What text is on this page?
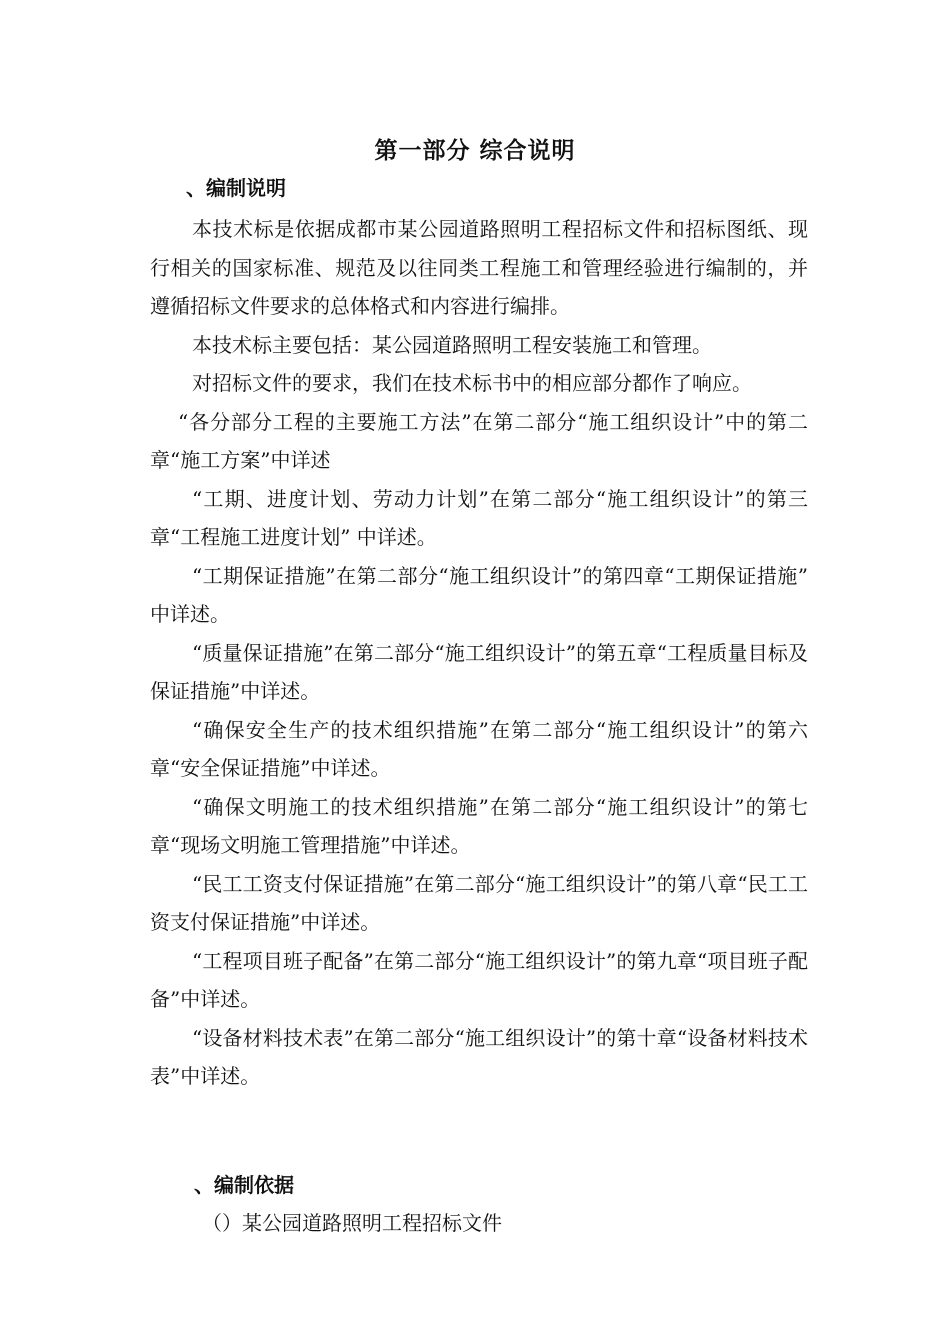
第一部分 综合说明
、编制说明

本技术标是依据成都市某公园道路照明工程招标文件和招标图纸、现行相关的国家标准、规范及以往同类工程施工和管理经验进行编制的，并遵循招标文件要求的总体格式和内容进行编排。

本技术标主要包括：某公园道路照明工程安装施工和管理。

对招标文件的要求，我们在技术标书中的相应部分都作了响应。

“各分部分工程的主要施工方法”在第二部分“施工组织设计”中的第二章“施工方案”中详述

“工期、进度计划、劳动力计划”在第二部分“施工组织设计”的第三章“工程施工进度计划” 中详述。

“工期保证措施”在第二部分“施工组织设计”的第四章“工期保证措施” 中详述。

“质量保证措施”在第二部分“施工组织设计”的第五章“工程质量目标及保证措施”中详述。

“确保安全生产的技术组织措施”在第二部分“施工组织设计”的第六章“安全保证措施”中详述。

“确保文明施工的技术组织措施”在第二部分“施工组织设计”的第七章“现场文明施工管理措施”中详述。

“民工工资支付保证措施”在第二部分“施工组织设计”的第八章“民工工资支付保证措施”中详述。

“工程项目班子配备”在第二部分“施工组织设计”的第九章“项目班子配备”中详述。

“设备材料技术表”在第二部分“施工组织设计”的第十章“设备材料技术表”中详述。

、编制依据

（）某公园道路照明工程招标文件
